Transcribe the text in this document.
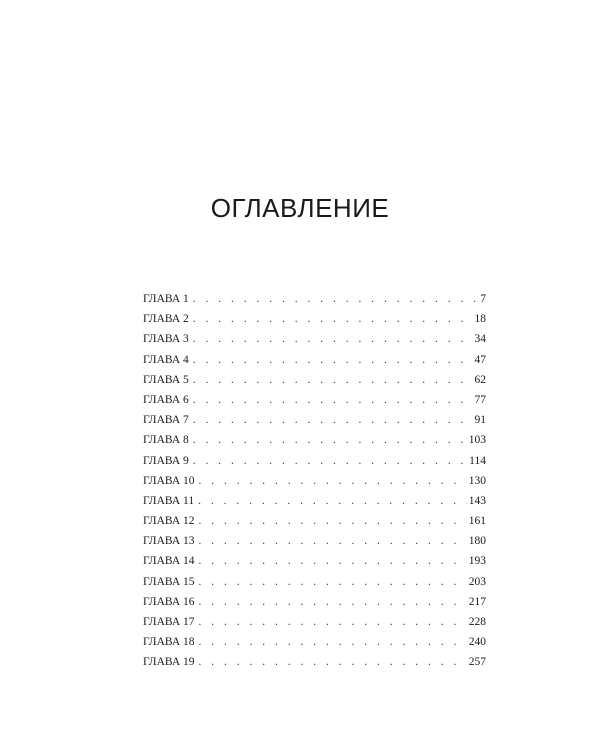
ОГЛАВЛЕНИЕ
ГЛАВА 1 . . .	7
ГЛАВА 2 . . .	18
ГЛАВА 3 . . .	34
ГЛАВА 4 . . .	47
ГЛАВА 5 . . .	62
ГЛАВА 6 . . .	77
ГЛАВА 7 . . .	91
ГЛАВА 8 . . .	103
ГЛАВА 9 . . .	114
ГЛАВА 10 . . .	130
ГЛАВА 11 . . .	143
ГЛАВА 12 . . .	161
ГЛАВА 13 . . .	180
ГЛАВА 14 . . .	193
ГЛАВА 15 . . .	203
ГЛАВА 16 . . .	217
ГЛАВА 17 . . .	228
ГЛАВА 18 . . .	240
ГЛАВА 19 . . .	257
